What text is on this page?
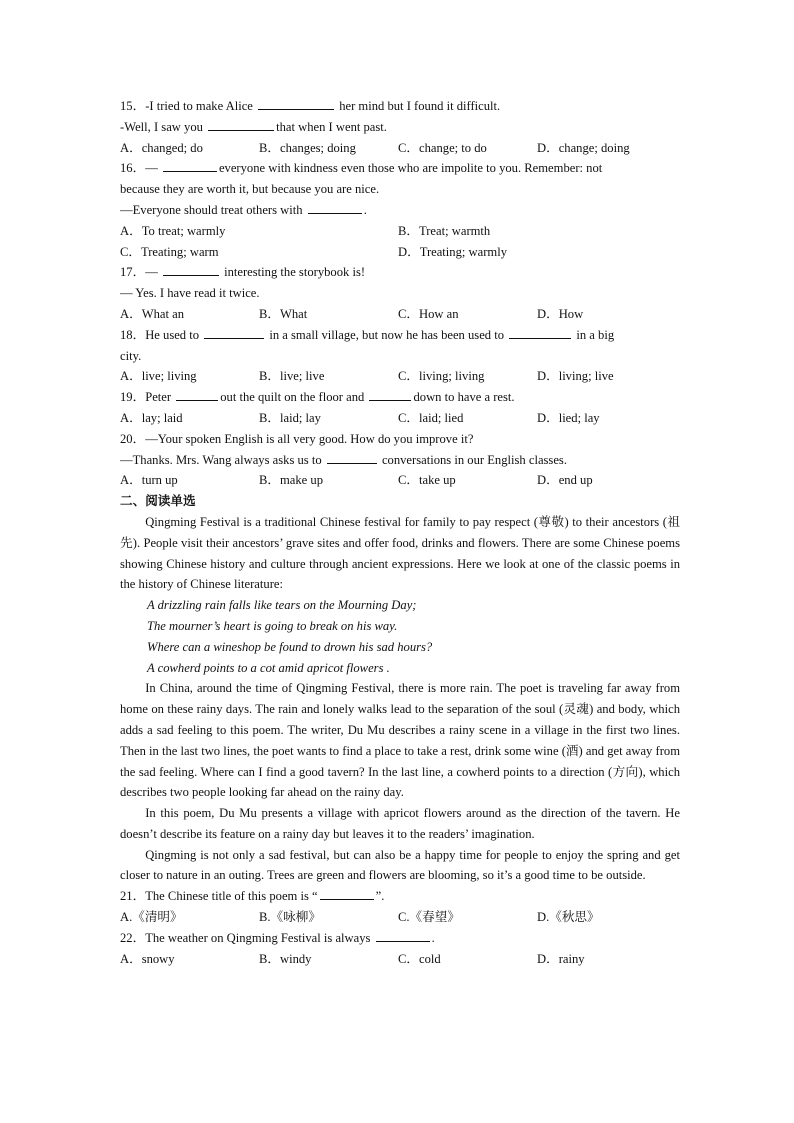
15．-I tried to make Alice	her mind but I found it difficult.
-Well, I saw you	that when I went past.
A．changed; do	B．changes; doing	C．change; to do	D．change; doing
16．—	everyone with kindness even those who are impolite to you. Remember: not
because they are worth it, but because you are nice.
—Everyone should treat others with	.
A．To treat; warmly	B．Treat; warmth
C．Treating; warm	D．Treating; warmly
17．—	interesting the storybook is!
— Yes. I have read it twice.
A．What an	B．What	C．How an	D．How
18．He used to	in a small village, but now he has been used to	in a big
city.
A．live; living	B．live; live	C．living; living	D．living; live
19．Peter	out the quilt on the floor and	down to have a rest.
A．lay; laid	B．laid; lay	C．laid; lied	D．lied; lay
20．—Your spoken English is all very good. How do you improve it?
—Thanks. Mrs. Wang always asks us to	conversations in our English classes.
A．turn up	B．make up	C．take up	D．end up
二、阅读单选
Qingming Festival is a traditional Chinese festival for family to pay respect (尊敬) to their ancestors (祖先). People visit their ancestors’ grave sites and offer food, drinks and flowers. There are some Chinese poems showing Chinese history and culture through ancient expressions. Here we look at one of the classic poems in the history of Chinese literature:
A drizzling rain falls like tears on the Mourning Day;
The mourner’s heart is going to break on his way.
Where can a wineshop be found to drown his sad hours?
A cowherd points to a cot amid apricot flowers .
In China, around the time of Qingming Festival, there is more rain. The poet is traveling far away from home on these rainy days. The rain and lonely walks lead to the separation of the soul (灵魂) and body, which adds a sad feeling to this poem. The writer, Du Mu describes a rainy scene in a village in the first two lines. Then in the last two lines, the poet wants to find a place to take a rest, drink some wine (酒) and get away from the sad feeling. Where can I find a good tavern? In the last line, a cowherd points to a direction (方向), which describes two people looking far ahead on the rainy day.
In this poem, Du Mu presents a village with apricot flowers around as the direction of the tavern. He doesn’t describe its feature on a rainy day but leaves it to the readers’ imagination.
Qingming is not only a sad festival, but can also be a happy time for people to enjoy the spring and get closer to nature in an outing. Trees are green and flowers are blooming, so it’s a good time to be outside.
21．The Chinese title of this poem is “	”.
A.《清明》	B.《咏柳》	C.《春望》	D.《秋思》
22．The weather on Qingming Festival is always	.
A．snowy	B．windy	C．cold	D．rainy
